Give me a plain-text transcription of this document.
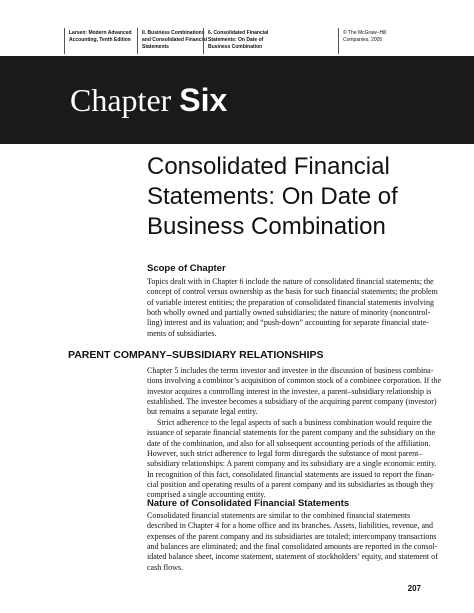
Larsen: Modern Advanced
Accounting, Tenth Edition
II. Business Combinations
and Consolidated Financial
Statements
6. Consolidated Financial
Statements: On Date of
Business Combination
© The McGraw−Hill
Companies, 2005
Chapter Six
Consolidated Financial
Statements: On Date of
Business Combination
Scope of Chapter
Topics dealt with in Chapter 6 include the nature of consolidated financial statements; the
concept of control versus ownership as the basis for such financial statements; the problem
of variable interest entities; the preparation of consolidated financial statements involving
both wholly owned and partially owned subsidiaries; the nature of minority (noncontrol-
ling) interest and its valuation; and “push-down” accounting for separate financial state-
ments of subsidiaries.
PARENT COMPANY–SUBSIDIARY RELATIONSHIPS
Chapter 5 includes the terms investor and investee in the discussion of business combina-
tions involving a combinor’s acquisition of common stock of a combinee corporation. If the
investor acquires a controlling interest in the investee, a parent–subsidiary relationship is
established. The investee becomes a subsidiary of the acquiring parent company (investor)
but remains a separate legal entity.
Strict adherence to the legal aspects of such a business combination would require the
issuance of separate financial statements for the parent company and the subsidiary on the
date of the combination, and also for all subsequent accounting periods of the affiliation.
However, such strict adherence to legal form disregards the substance of most parent–
subsidiary relationships: A parent company and its subsidiary are a single economic entity.
In recognition of this fact, consolidated financial statements are issued to report the finan-
cial position and operating results of a parent company and its subsidiaries as though they
comprised a single accounting entity.
Nature of Consolidated Financial Statements
Consolidated financial statements are similar to the combined financial statements
described in Chapter 4 for a home office and its branches. Assets, liabilities, revenue, and
expenses of the parent company and its subsidiaries are totaled; intercompany transactions
and balances are eliminated; and the final consolidated amounts are reported in the consol-
idated balance sheet, income statement, statement of stockholders’ equity, and statement of
cash flows.
207
